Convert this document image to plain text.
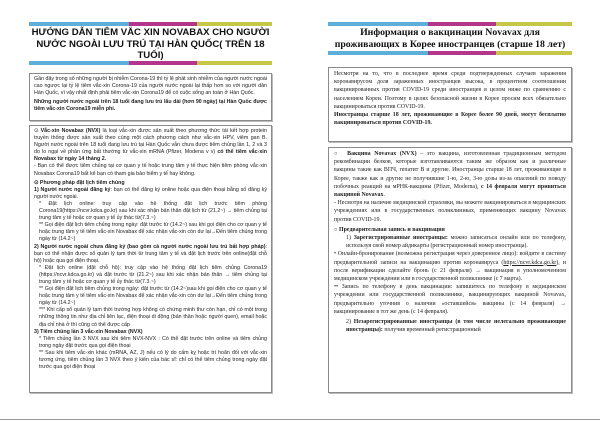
HƯỚNG DẪN TIÊM VẮC XIN NOVABAX CHO NGƯỜI NƯỚC NGOÀI LƯU TRÚ TẠI HÀN QUỐC( TRÊN 18 TUỔI)

Gần đây trong số những người bị nhiễm Corona-19 thì tỷ lệ phát sinh nhiễm của người nước ngoài cao ngược lại tỷ lệ tiêm vắc-xin Corona-19 của người nước ngoài lại thấp hơn so với người dân Hàn Quốc, vì vậy nhất định phải tiêm vắc-xin Corona19 để có cuộc sống an toàn ở Hàn Quốc.

Những người nước ngoài trên 18 tuổi đang lưu trú lâu dài (hơn 90 ngày) tại Hàn Quốc được tiêm vắc-xin Corona19 miễn phí.

⊙ Vắc-xin Novabax (NVX) là loại vắc-xin được sản xuất theo phương thức tái kết hợp protein truyền thống được sản xuất theo cùng một cách phương cách như vắc-xin HPV, viêm gan B. Người nước ngoài trên 18 tuổi đang lưu trú tại Hàn Quốc vẫn chưa được tiêm chủng lần 1, 2 và 3 do lo ngại về phản ứng bất thường từ vắc-xin mRNA (Pfizer, Modena v v) có thể tiêm vắc-xin Novabax từ ngày 14 tháng 2.

- Bạn có thể được tiêm chủng tại cơ quan y tế hoặc trung tâm y tế thực hiện tiêm phòng vắc-xin Novabax Corona19 bất kể bạn có tham gia bảo hiểm y tế hay không.

⊙ Phương pháp đặt lịch tiêm chủng

1) Người nước ngoài đăng ký: bạn có thể đăng ký online hoặc qua điện thoại bằng số đăng ký người nước ngoài.

* Đặt lịch online: truy cập vào hệ thống đặt lịch trước tiêm phòng Corona19(https://ncvr.kdca.go.kr) sau khi xác nhận bản thân đặt lịch từ (21.2~) → tiêm chủng tại trung tâm y tế hoặc cơ quan y tế ủy thác từ(7.3.~)

** Gọi điện đặt lịch tiêm chủng trong ngày: đặt trước từ (14.2~) sau khi gọi điện cho cơ quan y tế hoặc trung tâm y tế tiêm vắc-xin Novabax để xác nhận vắc-xin còn dư lại→Đến tiêm chủng trong ngày từ (14.2~)

2) Người nước ngoài chưa đăng ký (bao gồm cả người nước ngoài lưu trú bất hợp pháp): bạn có thể nhận được sổ quản lý tạm thời từ trung tâm y tế và đặt lịch trước trên online(đặt chỗ hộ) hoặc qua gọi điện thoại.

* Đặt lịch online (đặt chỗ hộ): truy cập vào hệ thống đặt lịch tiêm chủng Corona19 (https://ncvr.kdca.go.kr) và đặt trước từ (21.2~) sau khi xác nhận bản thân → tiêm chủng tại trung tâm y tế hoặc cơ quan y tế ủy thác từ(7.3.~)

** Gọi điện đặt lịch tiêm chủng trong ngày: đặt trước từ (14.2~)sau khi gọi điện cho cơ quan y tế hoặc trung tâm y tế tiêm vắc-xin Novabax để xác nhận vắc-xin còn dư lại→Đến tiêm chủng trong ngày từ (14.2~)

*** Khi cấp sổ quản lý tạm thời trường hợp không có chứng minh thư còn hạn, chỉ có một trong những thông tin như địa chỉ liên lạc, điện thoại di động (bản thân hoặc người quen), email hoặc địa chỉ nhà ở thì cũng có thể được cấp

3) Tiêm chủng lần 3 vắc-xin Novabax (NVX)

* Tiêm chủng lần 3 NVX sau khi tiêm NVX-NVX : Có thể đặt trước trên online và tiêm chủng trong ngày đặt trước qua gọi điện thoại

** Sau khi tiêm vắc-xin khác (mRNA, AZ, J) nếu có lý do cấm kỵ hoặc trì hoãn đối với vắc-xin tương ứng, tiêm chủng lần 3 NVX theo ý kiến của bác sĩ: chỉ có thể tiêm chủng trong ngày đặt trước qua gọi điện thoại

Информация о вакцинации Novavax для проживающих в Корее иностранцев (старше 18 лет)

Несмотря на то, что в последнее время среди подтвержденных случаев заражения коронавирусом доля зараженных иностранцев высока, в процентном соотношении вакцинированных против COVID-19 среди иностранцев в целом ниже по сравнению с населением Кореи. Поэтому в целях безопасной жизни в Корее просим всех обязательно вакцинироваться против COVID-19.

Иностранцы старше 18 лет, проживающие в Корее более 90 дней, могут бесплатно вакцинироваться против COVID-19.

○ Вакцина Novavax (NVX) – это вакцина, изготовленная традиционным методом рекомбинации белков, которые изготавливаются таким же образом как и различные вакцины такие как ВПЧ, гепатит B и другие. Иностранцы старше 18 лет, проживающие в Корее, также как и другие не получившие 1-ю, 2-ю, 3-ю дозы из-за опасений по поводу побочных реакций на мРНК-вакцины (Pfizer, Moderna), с 14 февраля могут привиться вакциной Novavax.

- Несмотря на наличие медицинской страховки, вы можете вакцинироваться в медицинских учреждениях или в государственных поликлиниках, применяющих вакцину Novavax против COVID-19.

○ Предварительная запись и вакцинация

1) Зарегистрированные иностранцы: можно записаться онлайн или по телефону, используя свой номер айдикарты (регистрационный номер иностранца).

• Онлайн-бронирование (возможна регистрация через доверенное лицо): войдите в систему предварительной записи на вакцинацию против коронавируса (https://ncvr.kdca.go.kr), и после верификации сделайте бронь (с 21 февраля) → вакцинация в уполномоченном медицинском учреждении или в государственной поликлинике (с 7 марта).

•• Запись по телефону в день вакцинации: запишитесь по телефону в медицинском учреждении или государственной поликлинике, вакцинирующих вакциной Novavax, предварительно уточнив о наличии «оставшейся» вакцины (с 14 февраля) → вакцинирование в тот же день (с 14 февраля).

2) Незарегистрированные иностранцы (в том числе нелегально проживающие иностранцы): получив временный регистрационный
